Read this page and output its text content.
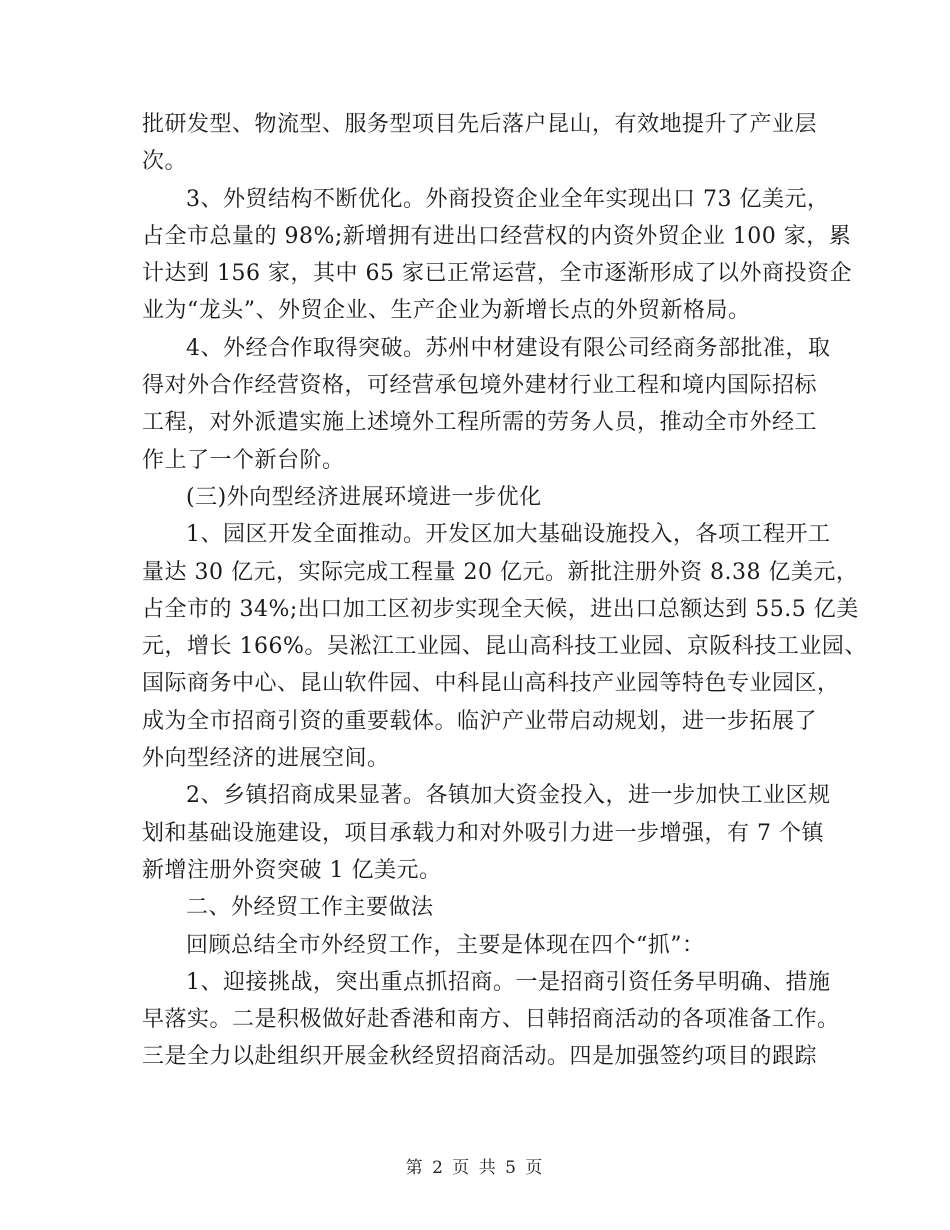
批研发型、物流型、服务型项目先后落户昆山，有效地提升了产业层
次。
3、外贸结构不断优化。外商投资企业全年实现出口 73 亿美元，
占全市总量的 98%;新增拥有进出口经营权的内资外贸企业 100 家，累
计达到 156 家，其中 65 家已正常运营，全市逐渐形成了以外商投资企
业为“龙头”、外贸企业、生产企业为新增长点的外贸新格局。
4、外经合作取得突破。苏州中材建设有限公司经商务部批准，取
得对外合作经营资格，可经营承包境外建材行业工程和境内国际招标
工程，对外派遣实施上述境外工程所需的劳务人员，推动全市外经工
作上了一个新台阶。
(三)外向型经济进展环境进一步优化
1、园区开发全面推动。开发区加大基础设施投入，各项工程开工
量达 30 亿元，实际完成工程量 20 亿元。新批注册外资 8.38 亿美元，
占全市的 34%;出口加工区初步实现全天候，进出口总额达到 55.5 亿美
元，增长 166%。吴淞江工业园、昆山高科技工业园、京阪科技工业园、
国际商务中心、昆山软件园、中科昆山高科技产业园等特色专业园区，
成为全市招商引资的重要载体。临沪产业带启动规划，进一步拓展了
外向型经济的进展空间。
2、乡镇招商成果显著。各镇加大资金投入，进一步加快工业区规
划和基础设施建设，项目承载力和对外吸引力进一步增强，有 7 个镇
新增注册外资突破 1 亿美元。
二、外经贸工作主要做法
回顾总结全市外经贸工作，主要是体现在四个“抓”：
1、迎接挑战，突出重点抓招商。一是招商引资任务早明确、措施
早落实。二是积极做好赴香港和南方、日韩招商活动的各项准备工作。
三是全力以赴组织开展金秋经贸招商活动。四是加强签约项目的跟踪
第 2 页 共 5 页
